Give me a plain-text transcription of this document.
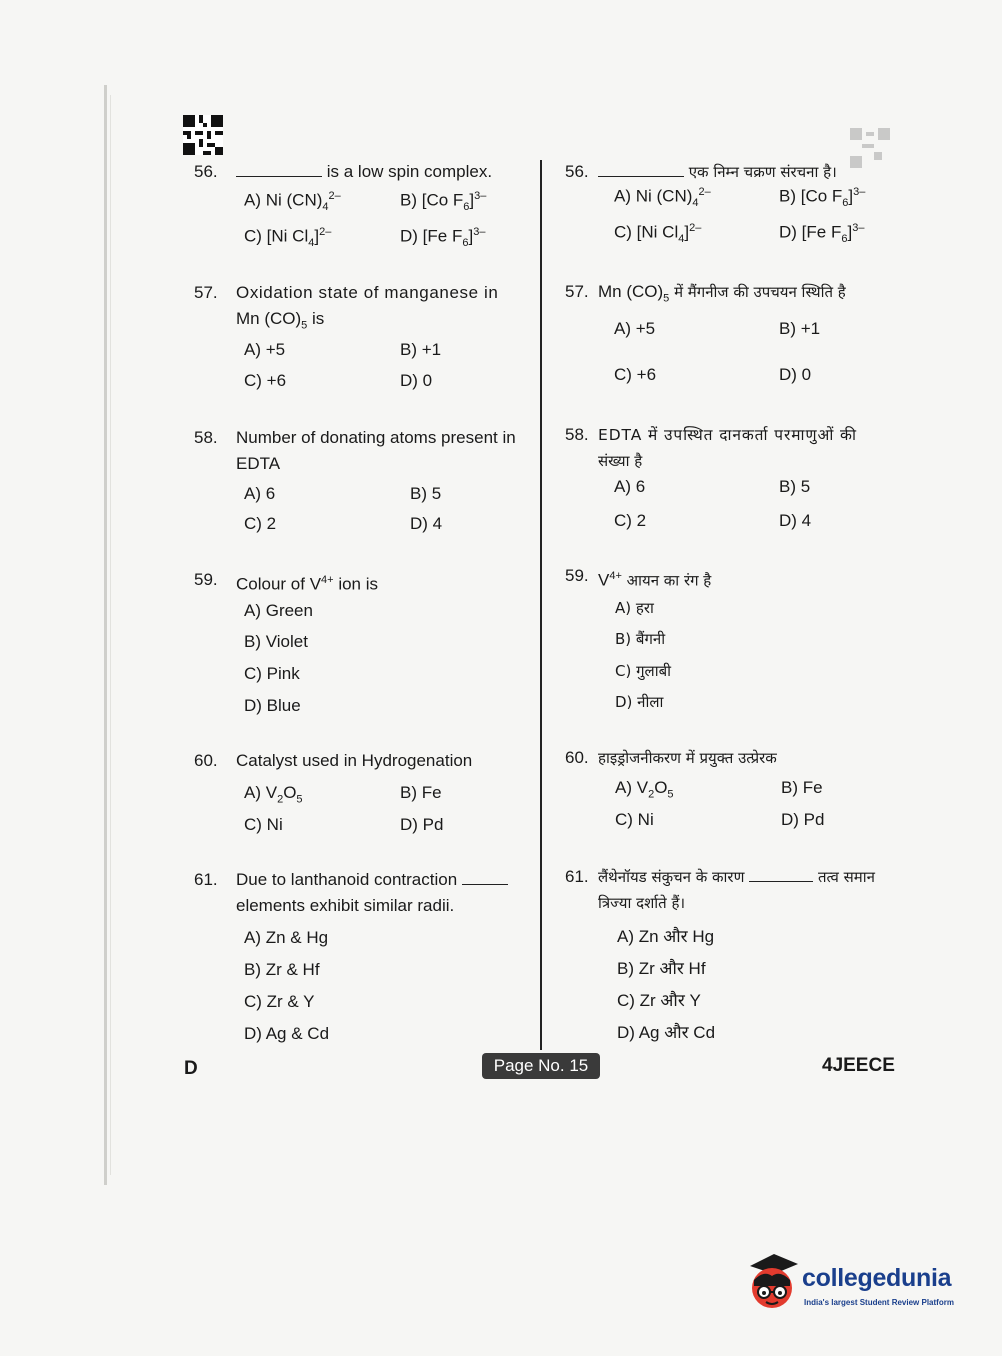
56.	is a low spin complex.
A) Ni $(CN)_4^{2-}$	B) [Co $F_6]^{3-}$
C) [Ni $Cl_4]^{2-}$	D) [Fe $F_6]^{3-}$
57. Oxidation state of manganese in
Mn $(CO)_5$ is
A) +5	B) +1
C) +6	D) 0
58. Number of donating atoms present in
EDTA
A) 6	B) 5
C) 2	D) 4
59. Colour of $V^{4+}$ ion is
A) Green
B) Violet
C) Pink
D) Blue
60. Catalyst used in Hydrogenation
A) $V_2O_5$	B) Fe
C) Ni	D) Pd
61. Due to lanthanoid contraction
elements exhibit similar radii.
A) Zn & Hg
B) Zr & Hf
C) Zr & Y
D) Ag & Cd
56.	एक निम्न चक्रण संरचना है।
A) Ni $(CN)_4^{2-}$	B) [Co $F_6]^{3-}$
C) [Ni $Cl_4]^{2-}$	D) [Fe $F_6]^{3-}$
57. Mn $(CO)_5$ में मैंगनीज की उपचयन स्थिति है
A) +5	B) +1
C) +6	D) 0
58. EDTA में उपस्थित दानकर्ता परमाणुओं की
संख्या है
A) 6	B) 5
C) 2	D) 4
59. $V^{4+}$ आयन का रंग है
A) हरा
B) बैंगनी
C) गुलाबी
D) नीला
60. हाइड्रोजनीकरण में प्रयुक्त उत्प्रेरक
A) $V_2O_5$	B) Fe
C) Ni	D) Pd
61. लैंथेनॉयड संकुचन के कारण	तत्व समान
त्रिज्या दर्शाते हैं।
A) Zn और Hg
B) Zr और Hf
C) Zr और Y
D) Ag और Cd
D	Page No. 15	4JEECE
collegedunia
India's largest Student Review Platform
